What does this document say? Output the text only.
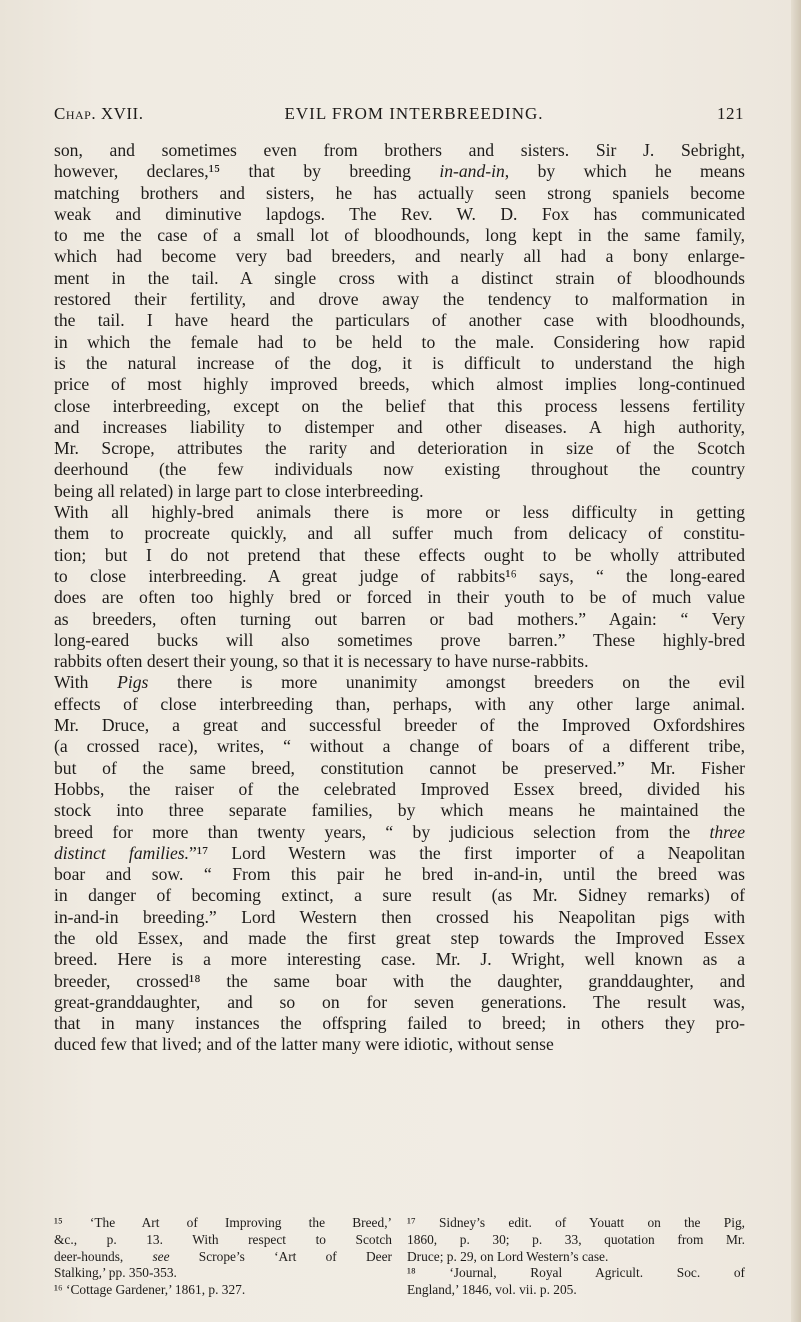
Chap. XVII.	EVIL FROM INTERBREEDING.	121
son, and sometimes even from brothers and sisters. Sir J. Sebright,
however, declares,¹⁵ that by breeding in-and-in, by which he means
matching brothers and sisters, he has actually seen strong spaniels become
weak and diminutive lapdogs. The Rev. W. D. Fox has communicated
to me the case of a small lot of bloodhounds, long kept in the same family,
which had become very bad breeders, and nearly all had a bony enlarge-
ment in the tail. A single cross with a distinct strain of bloodhounds
restored their fertility, and drove away the tendency to malformation in
the tail. I have heard the particulars of another case with bloodhounds,
in which the female had to be held to the male. Considering how rapid
is the natural increase of the dog, it is difficult to understand the high
price of most highly improved breeds, which almost implies long-continued
close interbreeding, except on the belief that this process lessens fertility
and increases liability to distemper and other diseases. A high authority,
Mr. Scrope, attributes the rarity and deterioration in size of the Scotch
deerhound (the few individuals now existing throughout the country
being all related) in large part to close interbreeding.
With all highly-bred animals there is more or less difficulty in getting
them to procreate quickly, and all suffer much from delicacy of constitu-
tion; but I do not pretend that these effects ought to be wholly attributed
to close interbreeding. A great judge of rabbits¹⁶ says, “ the long-eared
does are often too highly bred or forced in their youth to be of much value
as breeders, often turning out barren or bad mothers.” Again: “ Very
long-eared bucks will also sometimes prove barren.” These highly-bred
rabbits often desert their young, so that it is necessary to have nurse-rabbits.
With Pigs there is more unanimity amongst breeders on the evil
effects of close interbreeding than, perhaps, with any other large animal.
Mr. Druce, a great and successful breeder of the Improved Oxfordshires
(a crossed race), writes, “ without a change of boars of a different tribe,
but of the same breed, constitution cannot be preserved.” Mr. Fisher
Hobbs, the raiser of the celebrated Improved Essex breed, divided his
stock into three separate families, by which means he maintained the
breed for more than twenty years, “ by judicious selection from the three
distinct families.”¹⁷ Lord Western was the first importer of a Neapolitan
boar and sow. “ From this pair he bred in-and-in, until the breed was
in danger of becoming extinct, a sure result (as Mr. Sidney remarks) of
in-and-in breeding.” Lord Western then crossed his Neapolitan pigs with
the old Essex, and made the first great step towards the Improved Essex
breed. Here is a more interesting case. Mr. J. Wright, well known as a
breeder, crossed¹⁸ the same boar with the daughter, granddaughter, and
great-granddaughter, and so on for seven generations. The result was,
that in many instances the offspring failed to breed; in others they pro-
duced few that lived; and of the latter many were idiotic, without sense
¹⁵ ‘The Art of Improving the Breed,’
&c., p. 13. With respect to Scotch
deer-hounds, see Scrope’s ‘Art of Deer
Stalking,’ pp. 350-353.
¹⁶ ‘Cottage Gardener,’ 1861, p. 327.
¹⁷ Sidney’s edit. of Youatt on the Pig,
1860, p. 30; p. 33, quotation from Mr.
Druce; p. 29, on Lord Western’s case.
¹⁸ ‘Journal, Royal Agricult. Soc. of
England,’ 1846, vol. vii. p. 205.
